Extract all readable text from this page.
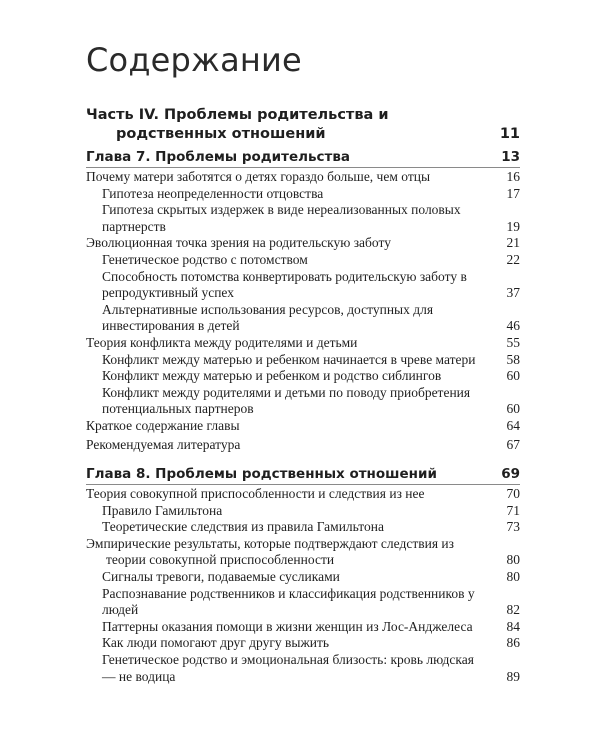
Содержание
Часть IV. Проблемы родительства и родственных отношений	11
Глава 7. Проблемы родительства	13
Почему матери заботятся о детях гораздо больше, чем отцы	16
Гипотеза неопределенности отцовства	17
Гипотеза скрытых издержек в виде нереализованных половых партнерств	19
Эволюционная точка зрения на родительскую заботу	21
Генетическое родство с потомством	22
Способность потомства конвертировать родительскую заботу в репродуктивный успех	37
Альтернативные использования ресурсов, доступных для инвестирования в детей	46
Теория конфликта между родителями и детьми	55
Конфликт между матерью и ребенком начинается в чреве матери	58
Конфликт между матерью и ребенком и родство сиблингов	60
Конфликт между родителями и детьми по поводу приобретения потенциальных партнеров	60
Краткое содержание главы	64
Рекомендуемая литература	67
Глава 8. Проблемы родственных отношений	69
Теория совокупной приспособленности и следствия из нее	70
Правило Гамильтона	71
Теоретические следствия из правила Гамильтона	73
Эмпирические результаты, которые подтверждают следствия из теории совокупной приспособленности	80
Сигналы тревоги, подаваемые сусликами	80
Распознавание родственников и классификация родственников у людей	82
Паттерны оказания помощи в жизни женщин из Лос-Анджелеса	84
Как люди помогают друг другу выжить	86
Генетическое родство и эмоциональная близость: кровь людская — не водица	89
